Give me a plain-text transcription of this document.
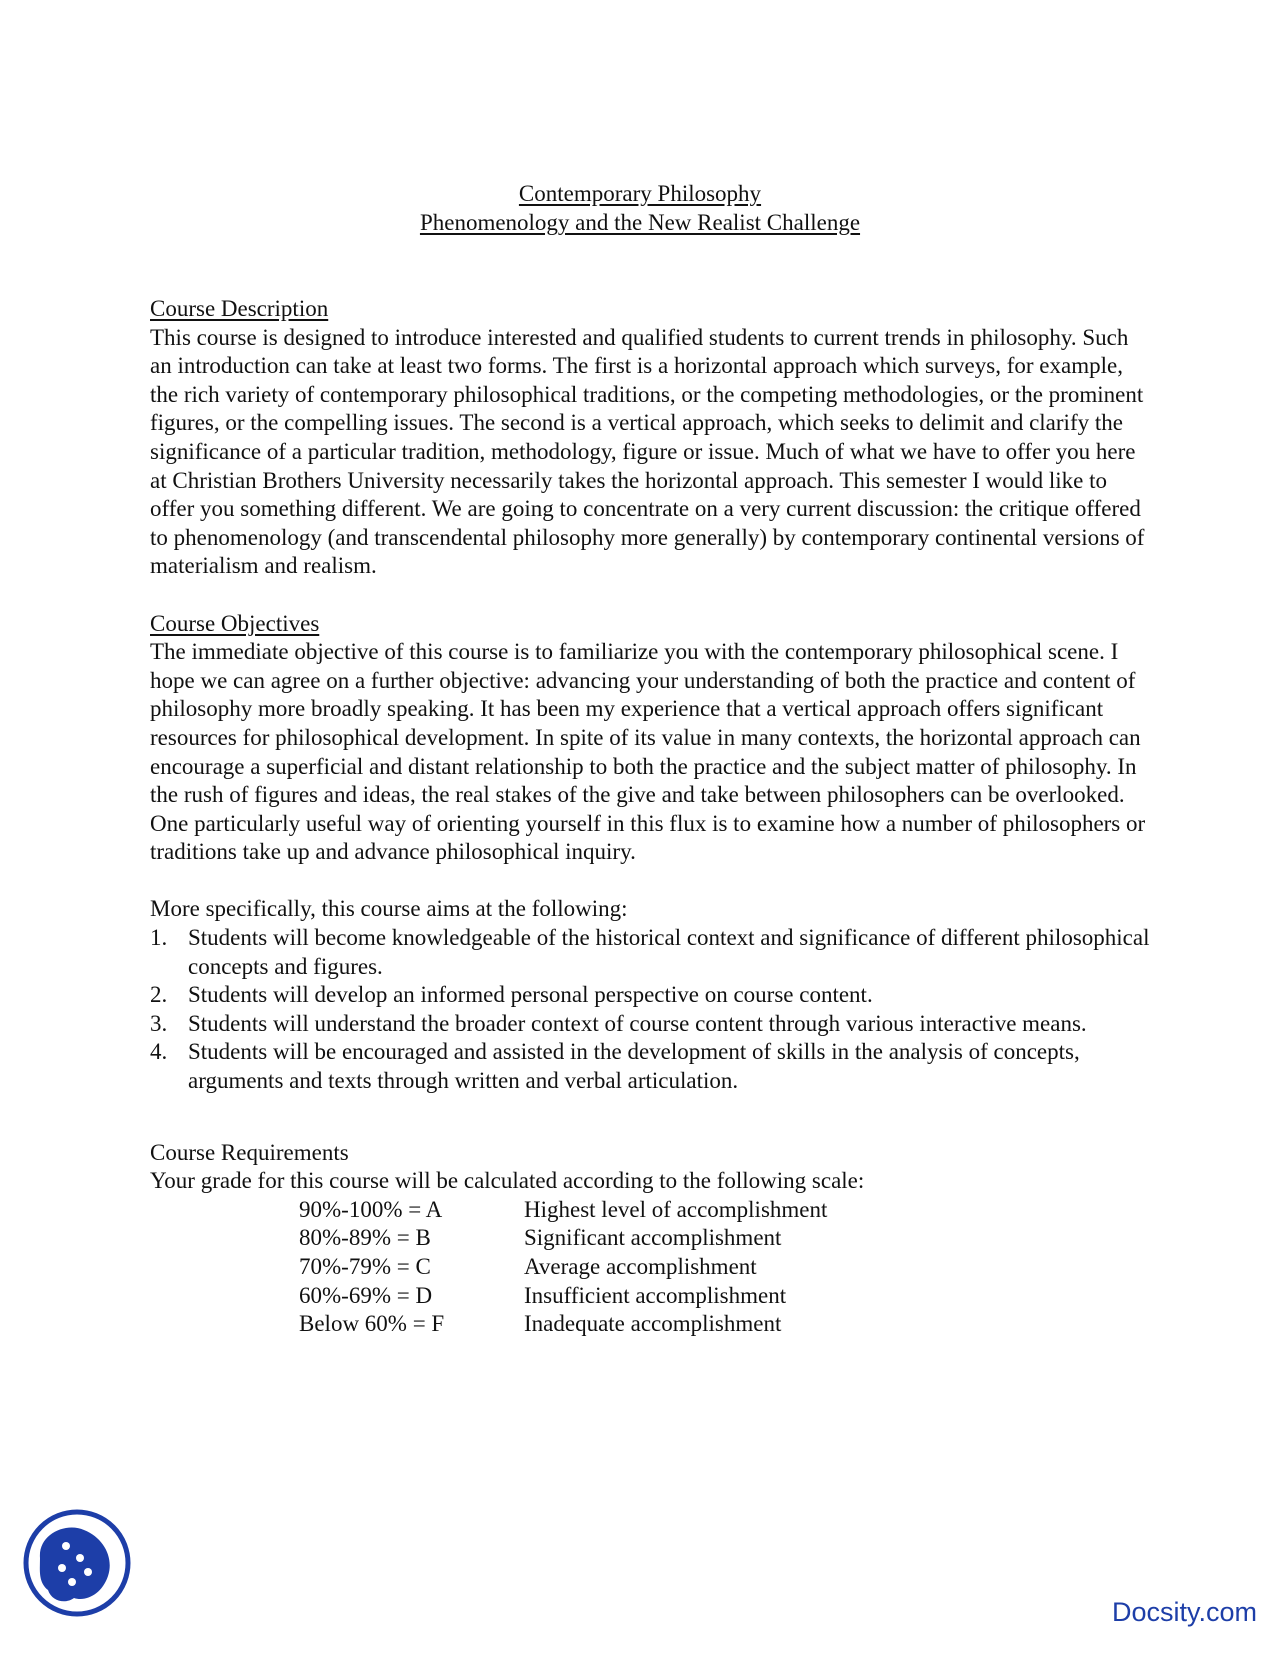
Contemporary Philosophy
Phenomenology and the New Realist Challenge
Course Description

This course is designed to introduce interested and qualified students to current trends in philosophy. Such an introduction can take at least two forms. The first is a horizontal approach which surveys, for example, the rich variety of contemporary philosophical traditions, or the competing methodologies, or the prominent figures, or the compelling issues. The second is a vertical approach, which seeks to delimit and clarify the significance of a particular tradition, methodology, figure or issue. Much of what we have to offer you here at Christian Brothers University necessarily takes the horizontal approach. This semester I would like to offer you something different. We are going to concentrate on a very current discussion: the critique offered to phenomenology (and transcendental philosophy more generally) by contemporary continental versions of materialism and realism.

Course Objectives

The immediate objective of this course is to familiarize you with the contemporary philosophical scene. I hope we can agree on a further objective: advancing your understanding of both the practice and content of philosophy more broadly speaking. It has been my experience that a vertical approach offers significant resources for philosophical development. In spite of its value in many contexts, the horizontal approach can encourage a superficial and distant relationship to both the practice and the subject matter of philosophy. In the rush of figures and ideas, the real stakes of the give and take between philosophers can be overlooked. One particularly useful way of orienting yourself in this flux is to examine how a number of philosophers or traditions take up and advance philosophical inquiry.

More specifically, this course aims at the following:

1. Students will become knowledgeable of the historical context and significance of different philosophical concepts and figures.
2. Students will develop an informed personal perspective on course content.
3. Students will understand the broader context of course content through various interactive means.
4. Students will be encouraged and assisted in the development of skills in the analysis of concepts, arguments and texts through written and verbal articulation.
Course Requirements

Your grade for this course will be calculated according to the following scale:

90%-100% = A	Highest level of accomplishment
80%-89% = B	Significant accomplishment
70%-79% = C	Average accomplishment
60%-69% = D	Insufficient accomplishment
Below 60% = F	Inadequate accomplishment
Docsity.com
